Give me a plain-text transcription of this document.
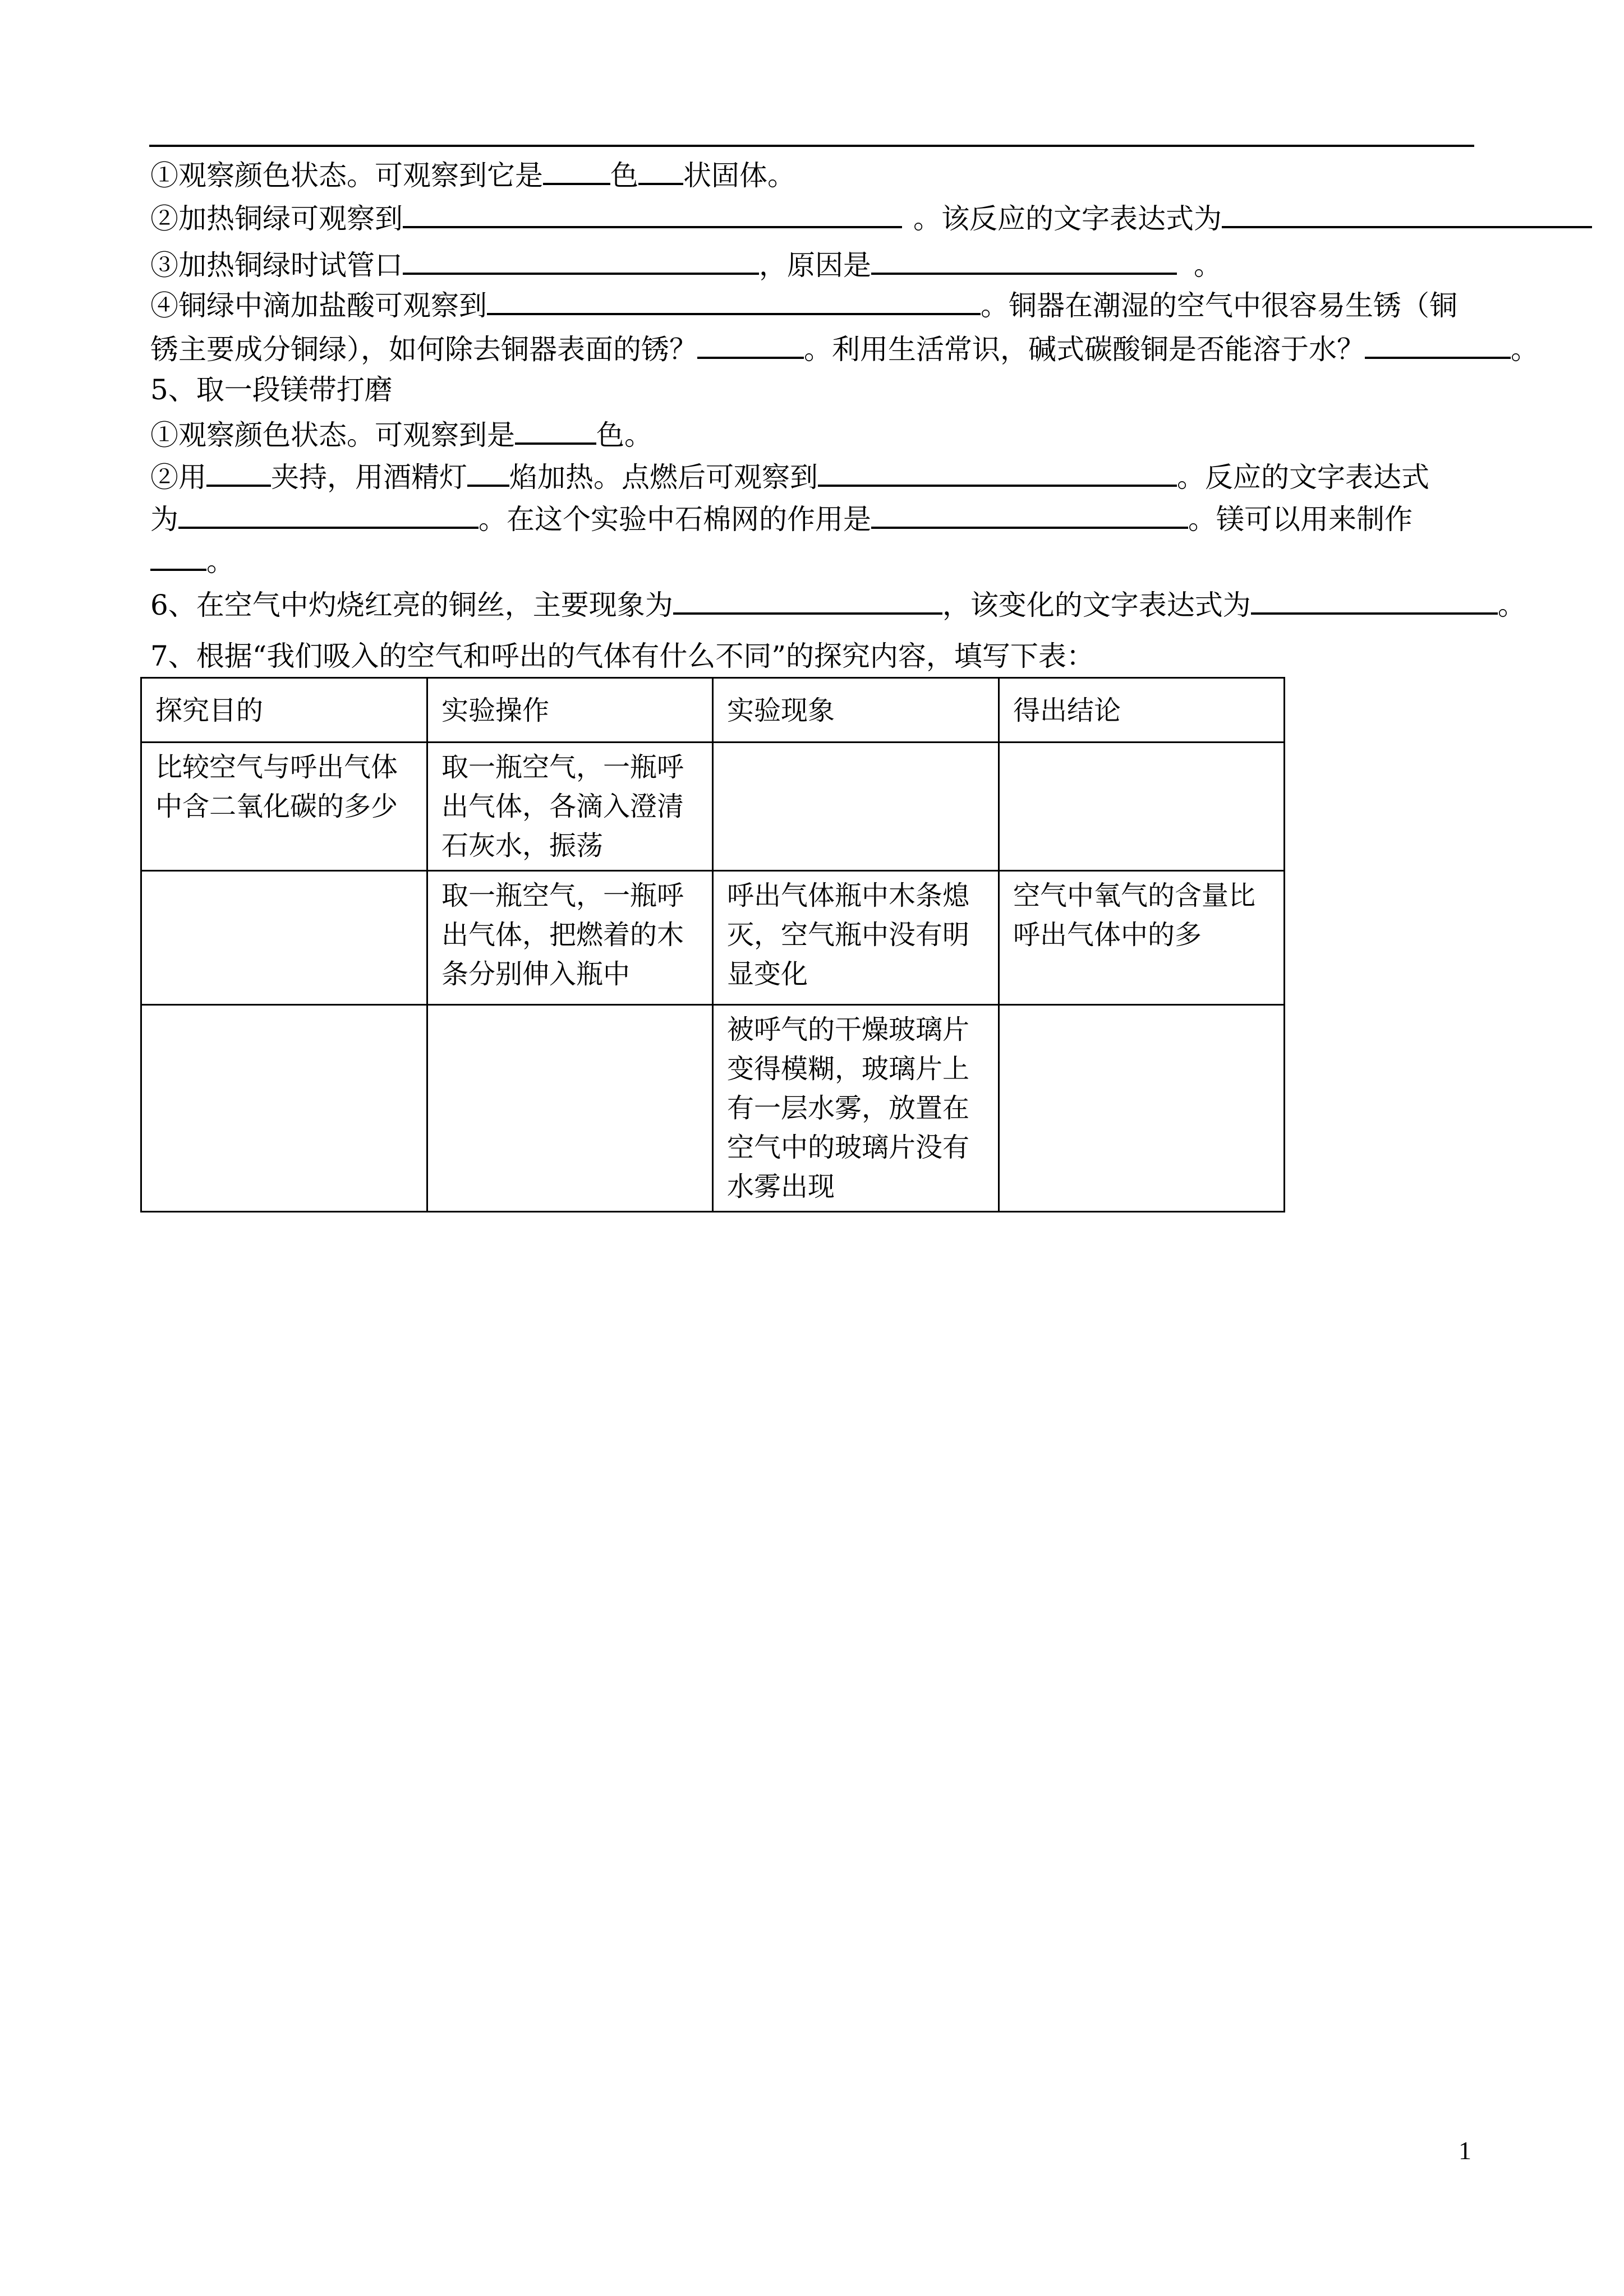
①观察颜色状态。可观察到它是 色 状固体。
②加热铜绿可观察到	。该反应的文字表达式为
③加热铜绿时试管口	，原因是	。
④铜绿中滴加盐酸可观察到	。铜器在潮湿的空气中很容易生锈（铜
锈主要成分铜绿），如何除去铜器表面的锈？	。利用生活常识，碱式碳酸铜是否能溶于水？	。
5、取一段镁带打磨
①观察颜色状态。可观察到是	色。
②用 夹持，用酒精灯 焰加热。点燃后可观察到	。反应的文字表达式
为	。在这个实验中石棉网的作用是	。镁可以用来制作
。
6、在空气中灼烧红亮的铜丝，主要现象为	，该变化的文字表达式为	。
7、根据“我们吸入的空气和呼出的气体有什么不同”的探究内容，填写下表：
探究目的	实验操作	实验现象	得出结论
比较空气与呼出气体中含二氧化碳的多少	取一瓶空气，一瓶呼出气体，各滴入澄清石灰水，振荡		
	取一瓶空气，一瓶呼出气体，把燃着的木条分别伸入瓶中	呼出气体瓶中木条熄灭，空气瓶中没有明显变化	空气中氧气的含量比呼出气体中的多
		被呼气的干燥玻璃片变得模糊，玻璃片上有一层水雾，放置在空气中的玻璃片没有水雾出现	
1
